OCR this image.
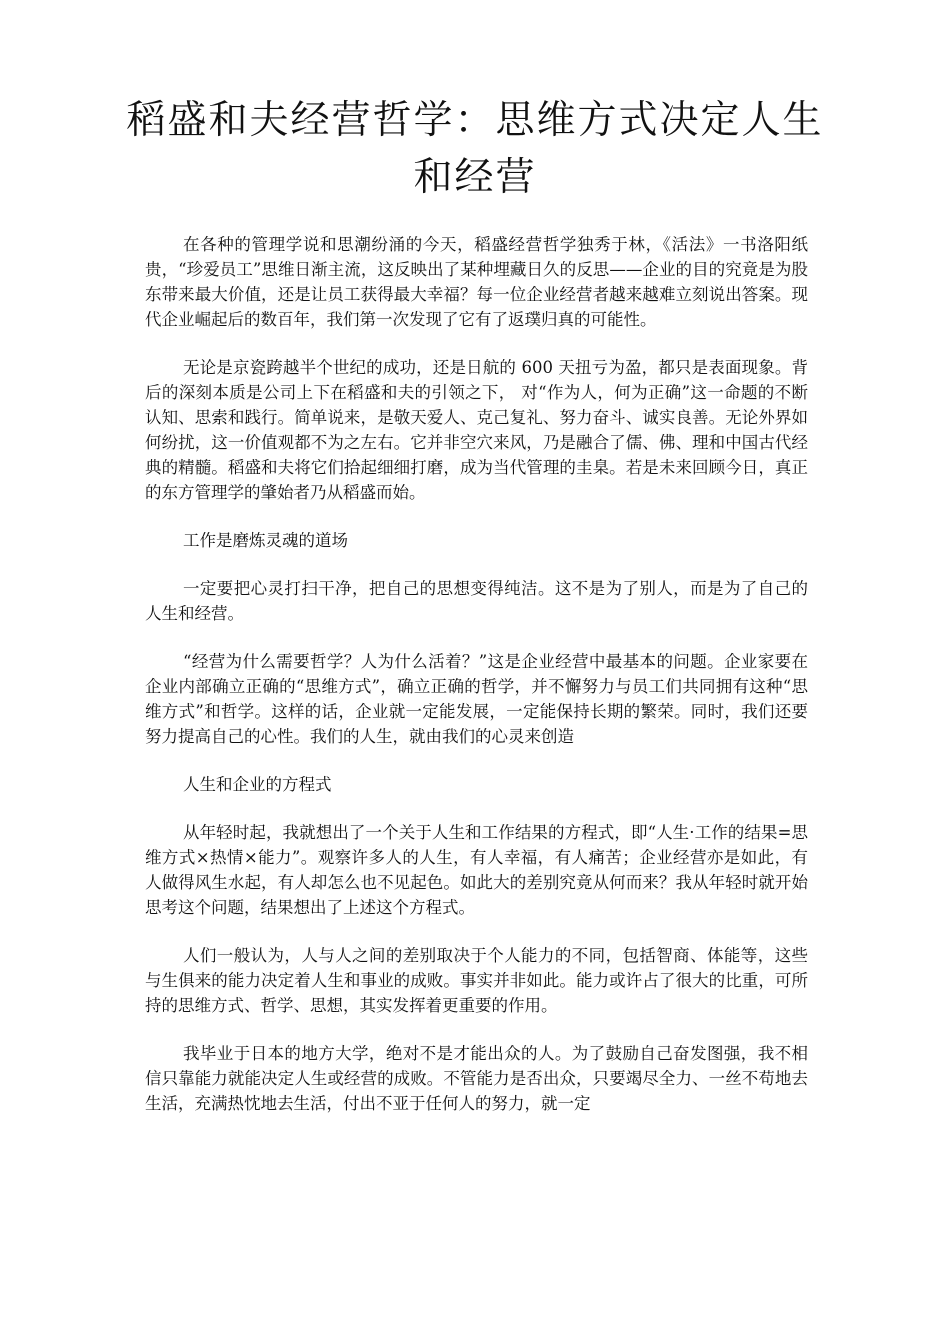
稻盛和夫经营哲学：思维方式决定人生和经营

在各种的管理学说和思潮纷涌的今天，稻盛经营哲学独秀于林，《活法》一书洛阳纸贵，“珍爱员工”思维日渐主流，这反映出了某种埋藏日久的反思——企业的目的究竟是为股东带来最大价值，还是让员工获得最大幸福？每一位企业经营者越来越难立刻说出答案。现代企业崛起后的数百年，我们第一次发现了它有了返璞归真的可能性。

无论是京瓷跨越半个世纪的成功，还是日航的 600 天扭亏为盈，都只是表面现象。背后的深刻本质是公司上下在稻盛和夫的引领之下， 对“作为人，何为正确”这一命题的不断认知、思索和践行。简单说来，是敬天爱人、克己复礼、努力奋斗、诚实良善。无论外界如何纷扰，这一价值观都不为之左右。它并非空穴来风，乃是融合了儒、佛、理和中国古代经典的精髓。稻盛和夫将它们拾起细细打磨，成为当代管理的圭臬。若是未来回顾今日，真正的东方管理学的肇始者乃从稻盛而始。

工作是磨炼灵魂的道场

一定要把心灵打扫干净，把自己的思想变得纯洁。这不是为了别人，而是为了自己的人生和经营。

“经营为什么需要哲学？人为什么活着？”这是企业经营中最基本的问题。企业家要在企业内部确立正确的“思维方式”，确立正确的哲学，并不懈努力与员工们共同拥有这种“思维方式”和哲学。这样的话，企业就一定能发展，一定能保持长期的繁荣。同时，我们还要努力提高自己的心性。我们的人生，就由我们的心灵来创造

人生和企业的方程式

从年轻时起，我就想出了一个关于人生和工作结果的方程式，即“人生·工作的结果=思维方式×热情×能力”。观察许多人的人生，有人幸福，有人痛苦；企业经营亦是如此，有人做得风生水起，有人却怎么也不见起色。如此大的差别究竟从何而来？我从年轻时就开始思考这个问题，结果想出了上述这个方程式。

人们一般认为，人与人之间的差别取决于个人能力的不同，包括智商、体能等，这些与生俱来的能力决定着人生和事业的成败。事实并非如此。能力或许占了很大的比重，可所持的思维方式、哲学、思想，其实发挥着更重要的作用。

我毕业于日本的地方大学，绝对不是才能出众的人。为了鼓励自己奋发图强，我不相信只靠能力就能决定人生或经营的成败。不管能力是否出众，只要竭尽全力、一丝不苟地去生活，充满热忱地去生活，付出不亚于任何人的努力，就一定
